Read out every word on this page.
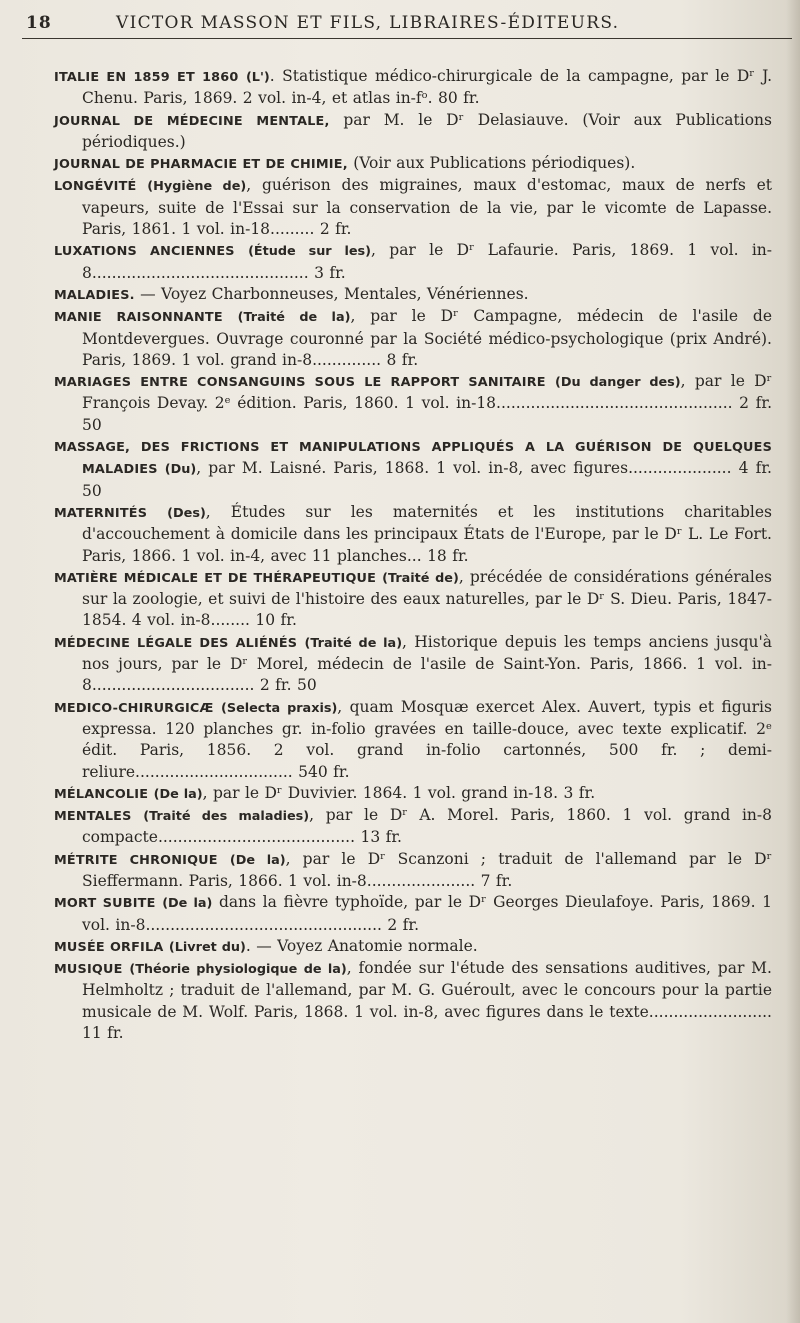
18	VICTOR MASSON ET FILS, LIBRAIRES-ÉDITEURS.

ITALIE EN 1859 ET 1860 (L'). Statistique médico-chirurgicale de la campagne, par le Dʳ J. Chenu. Paris, 1869. 2 vol. in-4, et atlas in-fᵒ. 80 fr.

JOURNAL DE MÉDECINE MENTALE, par M. le Dʳ Delasiauve. (Voir aux Publications périodiques.)

JOURNAL DE PHARMACIE ET DE CHIMIE, (Voir aux Publications périodiques).

LONGÉVITÉ (Hygiène de), guérison des migraines, maux d'estomac, maux de nerfs et vapeurs, suite de l'Essai sur la conservation de la vie, par le vicomte de Lapasse. Paris, 1861. 1 vol. in-18......... 2 fr.

LUXATIONS ANCIENNES (Étude sur les), par le Dʳ Lafaurie. Paris, 1869. 1 vol. in-8............................................ 3 fr.

MALADIES. — Voyez Charbonneuses, Mentales, Vénériennes.

MANIE RAISONNANTE (Traité de la), par le Dʳ Campagne, médecin de l'asile de Montdevergues. Ouvrage couronné par la Société médico-psychologique (prix André). Paris, 1869. 1 vol. grand in-8.............. 8 fr.

MARIAGES ENTRE CONSANGUINS SOUS LE RAPPORT SANITAIRE (Du danger des), par le Dʳ François Devay. 2ᵉ édition. Paris, 1860. 1 vol. in-18................................................ 2 fr. 50

MASSAGE, DES FRICTIONS ET MANIPULATIONS APPLIQUÉS A LA GUÉRISON DE QUELQUES MALADIES (Du), par M. Laisné. Paris, 1868. 1 vol. in-8, avec figures..................... 4 fr. 50

MATERNITÉS (Des), Études sur les maternités et les institutions charitables d'accouchement à domicile dans les principaux États de l'Europe, par le Dʳ L. Le Fort. Paris, 1866. 1 vol. in-4, avec 11 planches... 18 fr.

MATIÈRE MÉDICALE ET DE THÉRAPEUTIQUE (Traité de), précédée de considérations générales sur la zoologie, et suivi de l'histoire des eaux naturelles, par le Dʳ S. Dieu. Paris, 1847-1854. 4 vol. in-8........ 10 fr.

MÉDECINE LÉGALE DES ALIÉNÉS (Traité de la), Historique depuis les temps anciens jusqu'à nos jours, par le Dʳ Morel, médecin de l'asile de Saint-Yon. Paris, 1866. 1 vol. in-8................................. 2 fr. 50

MEDICO-CHIRURGICÆ (Selecta praxis), quam Mosquæ exercet Alex. Auvert, typis et figuris expressa. 120 planches gr. in-folio gravées en taille-douce, avec texte explicatif. 2ᵉ édit. Paris, 1856. 2 vol. grand in-folio cartonnés, 500 fr. ; demi-reliure................................ 540 fr.

MÉLANCOLIE (De la), par le Dʳ Duvivier. 1864. 1 vol. grand in-18. 3 fr.

MENTALES (Traité des maladies), par le Dʳ A. Morel. Paris, 1860. 1 vol. grand in-8 compacte........................................ 13 fr.

MÉTRITE CHRONIQUE (De la), par le Dʳ Scanzoni ; traduit de l'allemand par le Dʳ Sieffermann. Paris, 1866. 1 vol. in-8...................... 7 fr.

MORT SUBITE (De la) dans la fièvre typhoïde, par le Dʳ Georges Dieulafoye. Paris, 1869. 1 vol. in-8................................................ 2 fr.

MUSÉE ORFILA (Livret du). — Voyez Anatomie normale.

MUSIQUE (Théorie physiologique de la), fondée sur l'étude des sensations auditives, par M. Helmholtz ; traduit de l'allemand, par M. G. Guéroult, avec le concours pour la partie musicale de M. Wolf. Paris, 1868. 1 vol. in-8, avec figures dans le texte......................... 11 fr.
